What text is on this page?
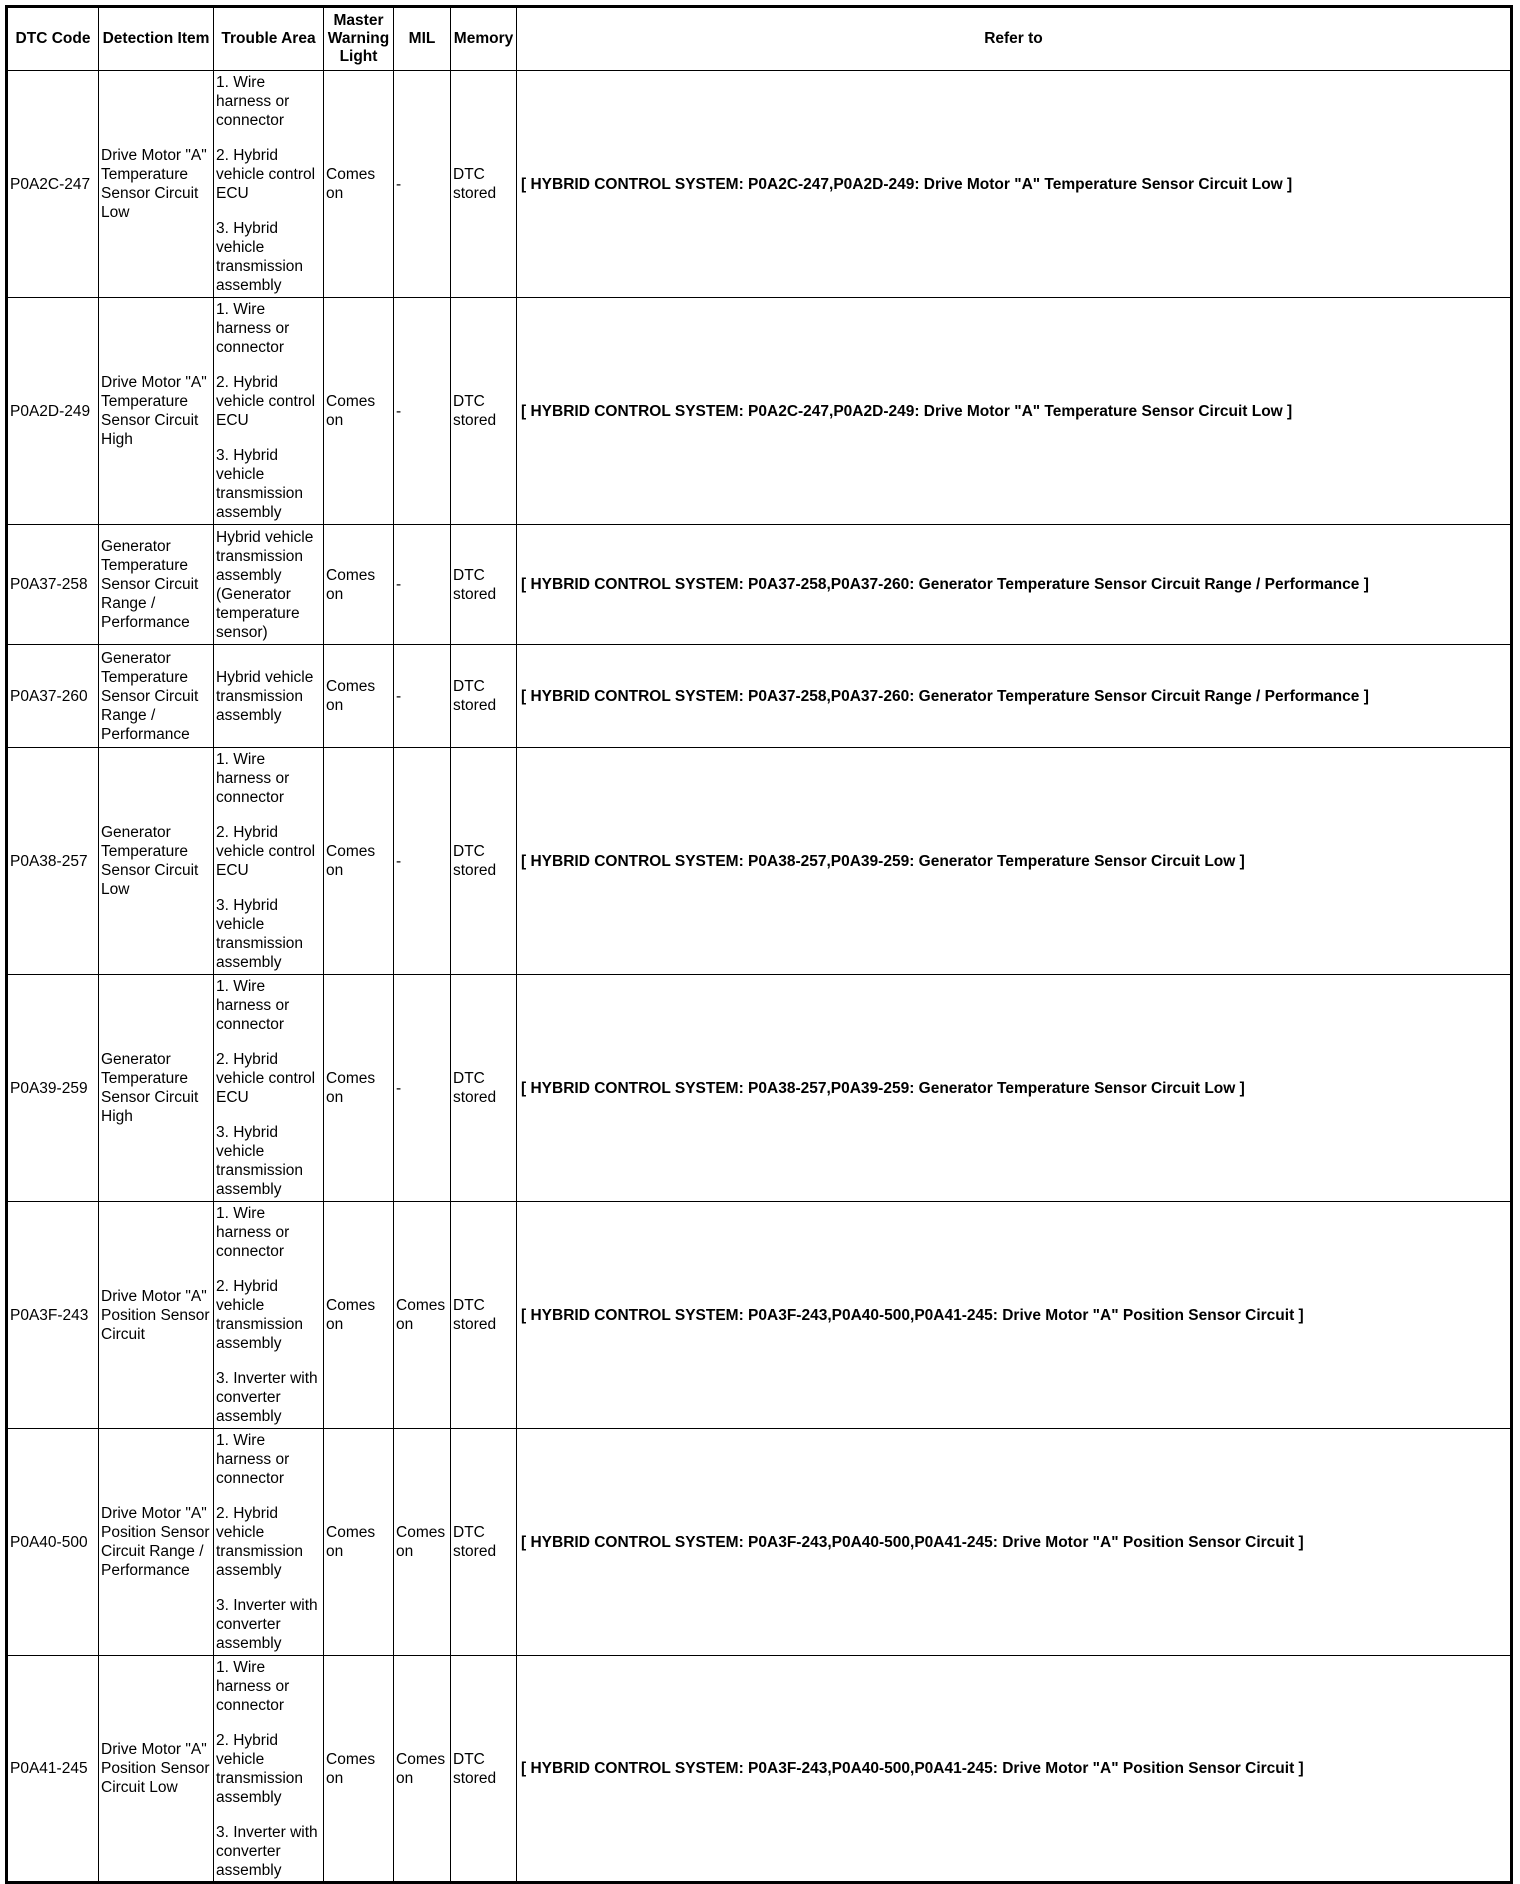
DTC Code	Detection Item	Trouble Area	Master Warning Light	MIL	Memory	Refer to
P0A2C-247	Drive Motor "A" Temperature Sensor Circuit Low	1. Wire harness or connector
2. Hybrid vehicle control ECU
3. Hybrid vehicle transmission assembly	Comes on	-	DTC stored	[ HYBRID CONTROL SYSTEM: P0A2C-247,P0A2D-249: Drive Motor "A" Temperature Sensor Circuit Low ]
P0A2D-249	Drive Motor "A" Temperature Sensor Circuit High	1. Wire harness or connector
2. Hybrid vehicle control ECU
3. Hybrid vehicle transmission assembly	Comes on	-	DTC stored	[ HYBRID CONTROL SYSTEM: P0A2C-247,P0A2D-249: Drive Motor "A" Temperature Sensor Circuit Low ]
P0A37-258	Generator Temperature Sensor Circuit Range / Performance	Hybrid vehicle transmission assembly (Generator temperature sensor)	Comes on	-	DTC stored	[ HYBRID CONTROL SYSTEM: P0A37-258,P0A37-260: Generator Temperature Sensor Circuit Range / Performance ]
P0A37-260	Generator Temperature Sensor Circuit Range / Performance	Hybrid vehicle transmission assembly	Comes on	-	DTC stored	[ HYBRID CONTROL SYSTEM: P0A37-258,P0A37-260: Generator Temperature Sensor Circuit Range / Performance ]
P0A38-257	Generator Temperature Sensor Circuit Low	1. Wire harness or connector
2. Hybrid vehicle control ECU
3. Hybrid vehicle transmission assembly	Comes on	-	DTC stored	[ HYBRID CONTROL SYSTEM: P0A38-257,P0A39-259: Generator Temperature Sensor Circuit Low ]
P0A39-259	Generator Temperature Sensor Circuit High	1. Wire harness or connector
2. Hybrid vehicle control ECU
3. Hybrid vehicle transmission assembly	Comes on	-	DTC stored	[ HYBRID CONTROL SYSTEM: P0A38-257,P0A39-259: Generator Temperature Sensor Circuit Low ]
P0A3F-243	Drive Motor "A" Position Sensor Circuit	1. Wire harness or connector
2. Hybrid vehicle transmission assembly
3. Inverter with converter assembly	Comes on	Comes on	DTC stored	[ HYBRID CONTROL SYSTEM: P0A3F-243,P0A40-500,P0A41-245: Drive Motor "A" Position Sensor Circuit ]
P0A40-500	Drive Motor "A" Position Sensor Circuit Range / Performance	1. Wire harness or connector
2. Hybrid vehicle transmission assembly
3. Inverter with converter assembly	Comes on	Comes on	DTC stored	[ HYBRID CONTROL SYSTEM: P0A3F-243,P0A40-500,P0A41-245: Drive Motor "A" Position Sensor Circuit ]
P0A41-245	Drive Motor "A" Position Sensor Circuit Low	1. Wire harness or connector
2. Hybrid vehicle transmission assembly
3. Inverter with converter assembly	Comes on	Comes on	DTC stored	[ HYBRID CONTROL SYSTEM: P0A3F-243,P0A40-500,P0A41-245: Drive Motor "A" Position Sensor Circuit ]
